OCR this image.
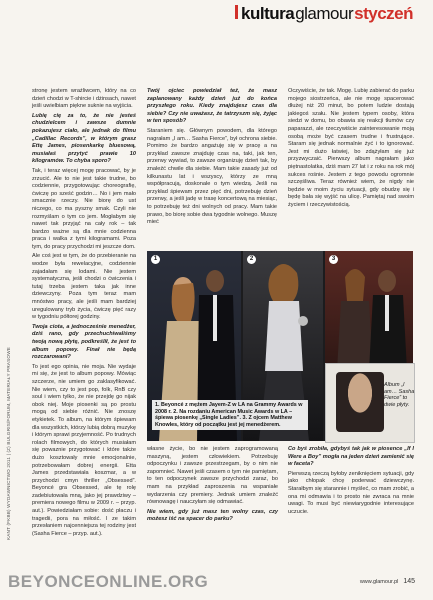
kultura glamour styczeń

stronę jestem wrażliwcem, który na co dzień chodzi w T-shircie i dżinsach, nawet jeśli uwielbiam piękne suknie na wyjścia.

Lubię cię za to, że nie jesteś chudzielcem i zawsze dumnie pokazujesz ciało, ale jednak do filmu „Cadillac Records”, w którym grasz Ettę James, piosenkarkę bluesową, musiałaś przytyć prawie 10 kilogramów. To chyba sporo?

Tak, i teraz więcej mogę pracować, by je zrzucić. Ale to nie jest takie trudne, bo codziennie, przygotowując choreografię, ćwiczę po sześć godzin… No i jem mało smacznie rzeczy. Nie biorę do ust niczego, co ma pyszny smak. Czyli nie rozmyślam o tym co jem. Mogłabym się nawet tak przyjąć na cały rok – tak bardzo ważne są dla mnie codzienna praca i walka z tymi kilogramami. Poza tym, do pracy przychodzi mi jeszcze dom.

Ale coś jest w tym, że do przebieranie na wodze była rewelacyjne, codziennie zajadałam się lodami. Nie jestem systematyczna, jeśli chodzi o ćwiczenia i tutaj trzeba jestem taka jak inne dziewczyny. Poza tym teraz mam mnóstwo pracy, ale jeśli mam bardziej uregulowany tryb życia, ćwiczę pięć razy w tygodniu półtorej godziny.

Twoja ciota, a jednocześnie menedżer, dziś rano, gdy przechuchiwaliśmy twoją nową płytę, podkreślił, że jest to album popowy. Finał nie będą rozczarowani?

To jest ego opinia, nie moja. Nie wydaje mi się, że jest to album popowy. Mówiąc szczerze, nie umiem go zaklasyfikować. Nie wiem, czy to jest pop, folk, RnB czy soul i wiem tylko, że nie przejdę go nijak obok niej. Moje piosenki są po prostu mogą od siebie różnić. Nie znoszę etykietek. To album, na którym śpiewam dla wszystkich, którzy lubią dobrą muzykę i którym sprawi przyjemność. Po trudnych rolach filmowych, do których musiałam się powaznie przygotować i które także dużo kosztowały mnie emocjonalnie, potrzebowałam dobrej energii. Etta James przedstawiała koszmar, a w przychodzi cmyn thriller „Obsessed”. Beyoncé gra Obsessed, ale tę rolę zadebiutowała mną, jako jej prawdziwy – premiera nowego filmu w 2009 r. – przyp. aut.). Powiedziałam sobie: dość płaczu i tragedii, pora na miłość. I ze takim przesłaniem najcenniejsza tej rodziny jest (Sasha Fierce – przyp. aut.).

Twój ojciec powiedział też, że masz zaplanowany każdy dzień już do końca przyszłego roku. Kiedy znajdujesz czas dla siebie? Czy nie uważasz, że tatrzyszm się, żyjąc w ten sposób?

Staraniem się. Głównym powodem, dla którego nagrałam „I am… Sasha Fierce”, był ochrona siebie. Pomimo że bardzo angażuję się w pracę a na przykład zawsze znajduję czas na, taki, jak ten, przerwy wywiad, to zawsze organizuję dzień tak, by znaleźć chwile dla siebie. Mam takie zasady już od kilkunastu lat i wszyscy, którzy ze mną współpracują, doskonale o tym wiedzą. Jeśli na przykład śpiewam przez pięć dni, potrzebuję dzień przerwy, a jeśli jadę w trasę koncertową na miesiąc, to potrzebuję też dni wolnych od pracy. Mam takie prawo, bo biorę sobie dwa tygodnie wolnego. Muszę mieć

Oczywiście, że tak. Mogę. Lubię zabierać do parku mojego siostrzeńca, ale nie mogę spacerować dłużej niż 20 minut, bo potem ludzie dostają jakiegoś szału. Nie jestem typem osoby, która siedzi w domu, bo obawia się reakcji tłumów czy paparazzi, ale rzeczywiście zainteresowanie moją osobą może być czasem trudne i frustrujące. Staram się jednak normalnie żyć i to ignorować. Jest mi dużo łatwiej, bo zdążyłam się już przyzwyczaić. Pierwszy album nagrałam jako piętnastolatka, dziś mam 27 lat i z roku na rok mój sukces rośnie. Jestem z tego powodu ogromnie szczęśliwa. Teraz również wiem, że nigdy nie będzie w moim życiu sytuacji, gdy obudzę się i będę bała się wyjść na ulicę. Pamiętaj nad swoim życiem i rzeczywistością.

1	2	3
1. Beyoncé z mężem Jayem-Z w LA na Grammy Awards w 2008 r. 2. Na rozdaniu American Music Awards w LA – śpiewa piosenkę „Single Ladies”. 3. Z ojcem Matthew Knowles, który od początku jest jej menedżerem.
Album „I am… Sasha Fierce” to dwie płyty.

własne życie, bo nie jestem zaprogramowaną maszyną, jestem człowiekiem. Potrzebuję odpoczynku i zawsze przestrzegam, by o nim nie zapomnieć. Nawet jeśli czasem o tym nie pamiętam, to ten odpoczynek zawsze przychodzi zaraz, bo mam na przykład zaproszenia na wspaniałe wydarzenia czy premiery. Jednak umiem znaleźć równowagę i nauczyłam się odmawiać.

Nie wiem, gdy już masz ten wolny czas, czy możesz iść na spacer do parku?

Co byś zrobiła, gdybyś tak jak w piosence „If I Were a Boy” mogła na jeden dzień zamienić się w faceta?

Pierwszą rzeczą byłoby zeniknięciem sytuacji, gdy jako chłopak chcę poderwać dziewczynę. Starałbym się starannie i myśleć, co mam zrobić, a ona mi odmawia i to prosto nie zwraca na mnie uwagi. To musi być niewiarygodnie interesujące uczucie.

KANT (FKBB) WYDAWNICTWO 2011 | (Z) BULGRIS/FORUM, MATERIAŁY PRASOWE
BEYONCEONLINE.ORG	www.glamour.pl 145
